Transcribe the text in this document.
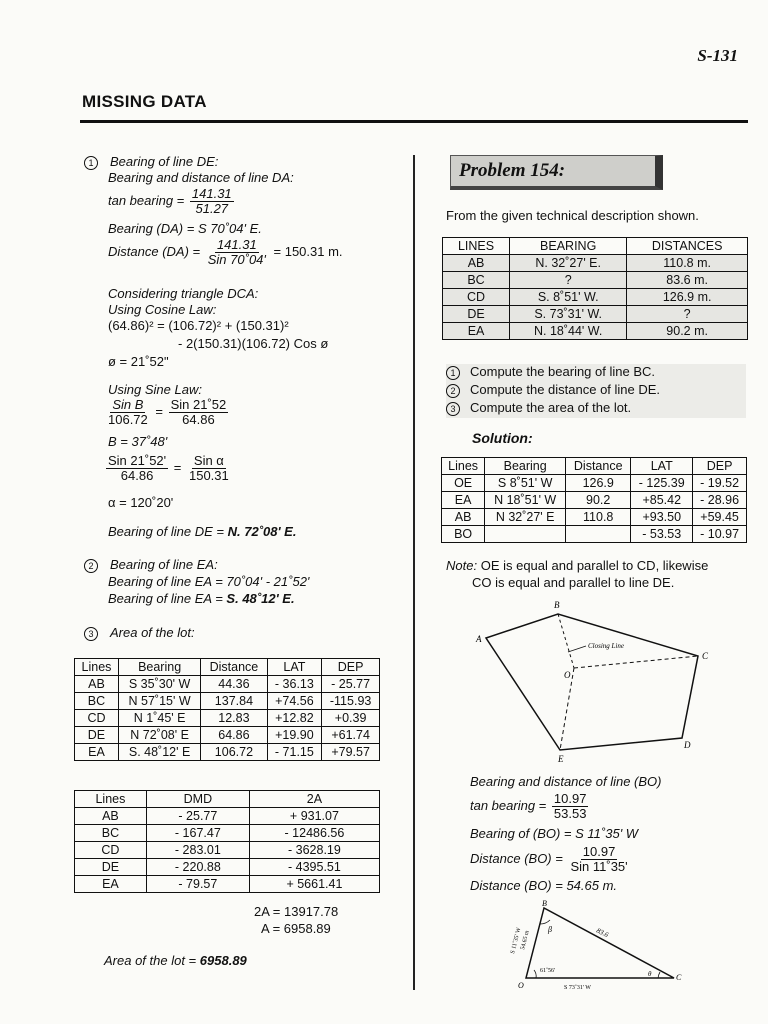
S-131
MISSING DATA
1 Bearing of line DE:
Bearing and distance of line DA:
tan bearing = $\frac{141.31}{51.27}$
Bearing (DA) = S 70˚04' E.
Distance $(DA) = \frac{141.31}{\text{Sin 70˚04'}} = 150.31$ m.
Considering triangle DCA:
Using Cosine Law:
(64.86)² = (106.72)² + (150.31)²
- 2(150.31)(106.72) Cos ø
ø = 21˚52"
Using Sine Law:
$\frac{\text{Sin B}}{106.72} = \frac{\text{Sin 21˚52}}{64.86}$
B = 37˚48'
$\frac{\text{Sin 21˚52'}}{64.86} = \frac{\text{Sin α}}{150.31}$
α = 120˚20'
Bearing of line DE = N. 72˚08' E.
2 Bearing of line EA:
Bearing of line EA = 70˚04' - 21˚52'
Bearing of line EA = S. 48˚12' E.
3 Area of the lot:
Lines	Bearing	Distance	LAT	DEP
AB	S 35˚30' W	44.36	- 36.13	- 25.77
BC	N 57˚15' W	137.84	+74.56	-115.93
CD	N 1˚45' E	12.83	+12.82	+0.39
DE	N 72˚08' E	64.86	+19.90	+61.74
EA	S. 48˚12' E	106.72	- 71.15	+79.57
Lines	DMD	2A
AB	- 25.77	+ 931.07
BC	- 167.47	- 12486.56
CD	- 283.01	- 3628.19
DE	- 220.88	- 4395.51
EA	- 79.57	+ 5661.41
2A = 13917.78
A = 6958.89
Area of the lot = 6958.89
Problem 154:
From the given technical description shown.
LINES	BEARING	DISTANCES
AB	N. 32˚27' E.	110.8 m.
BC	?	83.6 m.
CD	S. 8˚51' W.	126.9 m.
DE	S. 73˚31' W.	?
EA	N. 18˚44' W.	90.2 m.
1 Compute the bearing of line BC.
2 Compute the distance of line DE.
3 Compute the area of the lot.
Solution:
Lines	Bearing	Distance	LAT	DEP
OE	S 8˚51' W	126.9	- 125.39	- 19.52
EA	N 18˚51' W	90.2	+85.42	- 28.96
AB	N 32˚27' E	110.8	+93.50	+59.45
BO			- 53.53	- 10.97
Note: OE is equal and parallel to CD, likewise
CO is equal and parallel to line DE.
Closing Line
A
B
C
D
E
O
Bearing and distance of line (BO)
tan bearing = $\frac{10.97}{53.53}$
Bearing of (BO) = S 11˚35' W
Distance $(BO) = \frac{10.97}{\text{Sin 11˚35'}}$
Distance (BO) = 54.65 m.
B
C
O
β
θ
61˚56'
S 73˚31' W
S 11˚35' W
54.65 m	83.6
